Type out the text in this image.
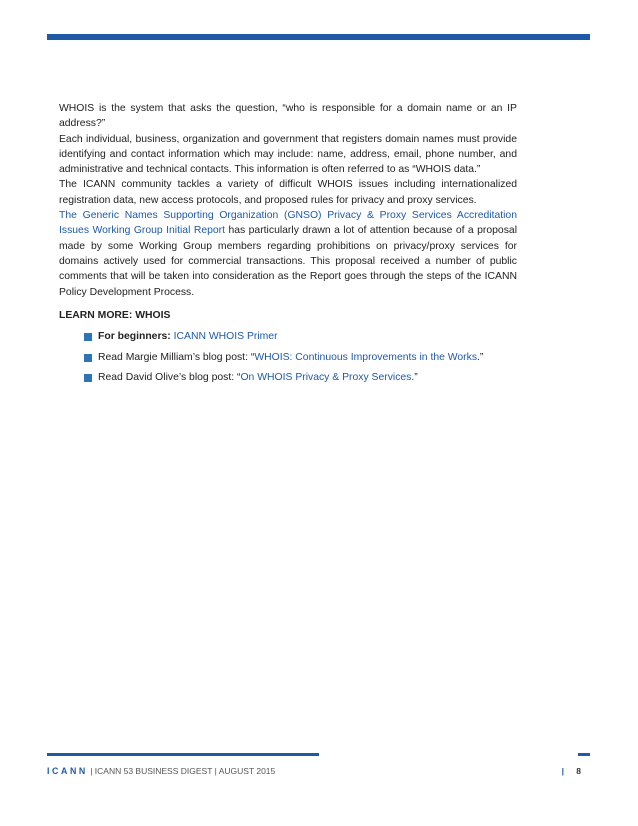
WHOIS is the system that asks the question, “who is responsible for a domain name or an IP address?”

Each individual, business, organization and government that registers domain names must provide identifying and contact information which may include: name, address, email, phone number, and administrative and technical contacts. This information is often referred to as “WHOIS data.”

The ICANN community tackles a variety of difficult WHOIS issues including internationalized registration data, new access protocols, and proposed rules for privacy and proxy services.

The Generic Names Supporting Organization (GNSO) Privacy & Proxy Services Accreditation Issues Working Group Initial Report has particularly drawn a lot of attention because of a proposal made by some Working Group members regarding prohibitions on privacy/proxy services for domains actively used for commercial transactions. This proposal received a number of public comments that will be taken into consideration as the Report goes through the steps of the ICANN Policy Development Process.

LEARN MORE: WHOIS
For beginners: ICANN WHOIS Primer
Read Margie Milliam’s blog post: “WHOIS: Continuous Improvements in the Works.”
Read David Olive’s blog post: “On WHOIS Privacy & Proxy Services.”
ICANN | ICANN 53 BUSINESS DIGEST | AUGUST 2015	| 8
